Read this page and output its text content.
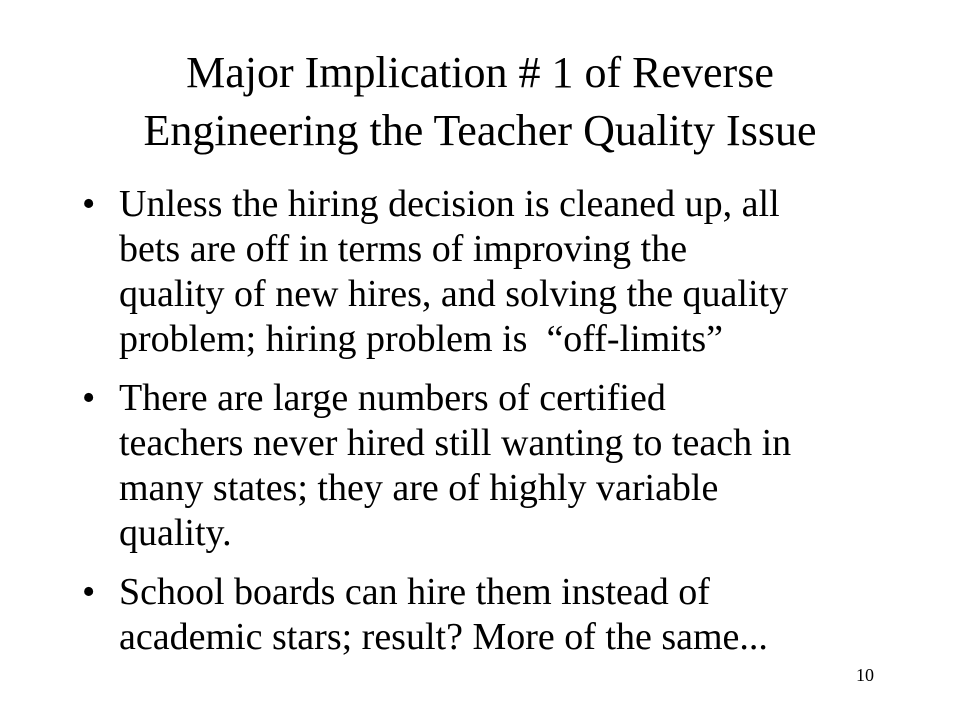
Major Implication # 1 of Reverse
Engineering the Teacher Quality Issue
• Unless the hiring decision is cleaned up, all
bets are off in terms of improving the
quality of new hires, and solving the quality
problem; hiring problem is  “off-limits”
• There are large numbers of certified
teachers never hired still wanting to teach in
many states; they are of highly variable
quality.
• School boards can hire them instead of
academic stars; result? More of the same...
10
